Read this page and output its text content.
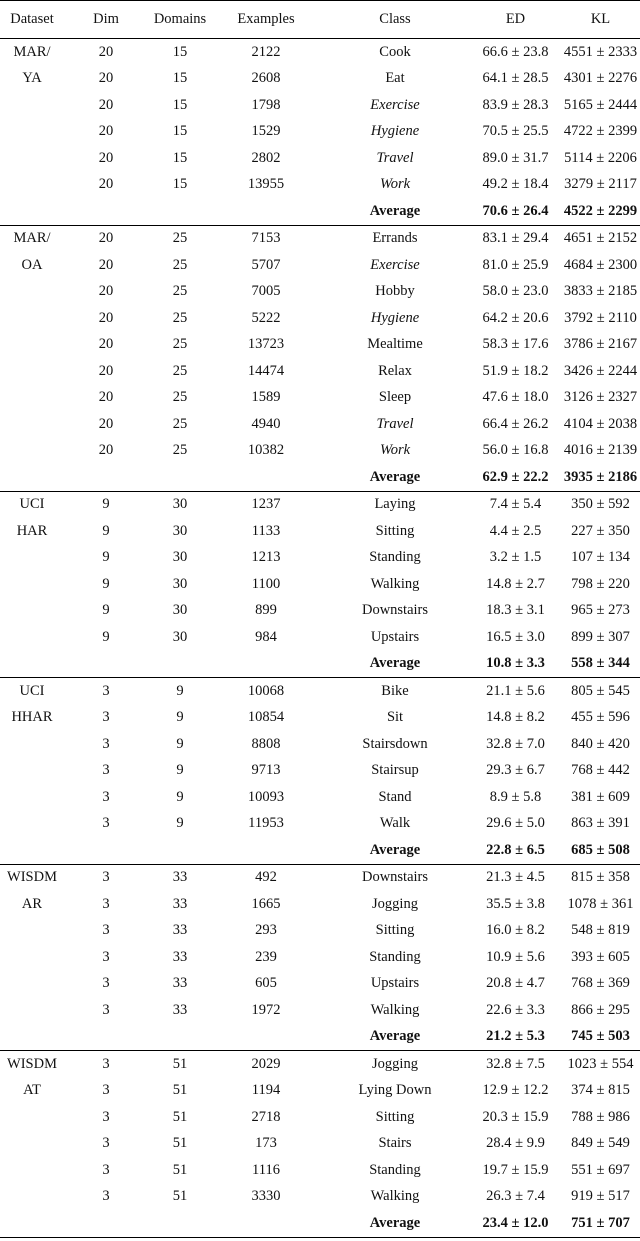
Dataset	Dim	Domains	Examples	Class	ED	KL
MAR/	20	15	2122	Cook	66.6 ± 23.8	4551 ± 2333
YA	20	15	2608	Eat	64.1 ± 28.5	4301 ± 2276
	20	15	1798	Exercise	83.9 ± 28.3	5165 ± 2444
	20	15	1529	Hygiene	70.5 ± 25.5	4722 ± 2399
	20	15	2802	Travel	89.0 ± 31.7	5114 ± 2206
	20	15	13955	Work	49.2 ± 18.4	3279 ± 2117
				Average	70.6 ± 26.4	4522 ± 2299
MAR/	20	25	7153	Errands	83.1 ± 29.4	4651 ± 2152
OA	20	25	5707	Exercise	81.0 ± 25.9	4684 ± 2300
	20	25	7005	Hobby	58.0 ± 23.0	3833 ± 2185
	20	25	5222	Hygiene	64.2 ± 20.6	3792 ± 2110
	20	25	13723	Mealtime	58.3 ± 17.6	3786 ± 2167
	20	25	14474	Relax	51.9 ± 18.2	3426 ± 2244
	20	25	1589	Sleep	47.6 ± 18.0	3126 ± 2327
	20	25	4940	Travel	66.4 ± 26.2	4104 ± 2038
	20	25	10382	Work	56.0 ± 16.8	4016 ± 2139
				Average	62.9 ± 22.2	3935 ± 2186
UCI	9	30	1237	Laying	7.4 ± 5.4	350 ± 592
HAR	9	30	1133	Sitting	4.4 ± 2.5	227 ± 350
	9	30	1213	Standing	3.2 ± 1.5	107 ± 134
	9	30	1100	Walking	14.8 ± 2.7	798 ± 220
	9	30	899	Downstairs	18.3 ± 3.1	965 ± 273
	9	30	984	Upstairs	16.5 ± 3.0	899 ± 307
				Average	10.8 ± 3.3	558 ± 344
UCI	3	9	10068	Bike	21.1 ± 5.6	805 ± 545
HHAR	3	9	10854	Sit	14.8 ± 8.2	455 ± 596
	3	9	8808	Stairsdown	32.8 ± 7.0	840 ± 420
	3	9	9713	Stairsup	29.3 ± 6.7	768 ± 442
	3	9	10093	Stand	8.9 ± 5.8	381 ± 609
	3	9	11953	Walk	29.6 ± 5.0	863 ± 391
				Average	22.8 ± 6.5	685 ± 508
WISDM	3	33	492	Downstairs	21.3 ± 4.5	815 ± 358
AR	3	33	1665	Jogging	35.5 ± 3.8	1078 ± 361
	3	33	293	Sitting	16.0 ± 8.2	548 ± 819
	3	33	239	Standing	10.9 ± 5.6	393 ± 605
	3	33	605	Upstairs	20.8 ± 4.7	768 ± 369
	3	33	1972	Walking	22.6 ± 3.3	866 ± 295
				Average	21.2 ± 5.3	745 ± 503
WISDM	3	51	2029	Jogging	32.8 ± 7.5	1023 ± 554
AT	3	51	1194	Lying Down	12.9 ± 12.2	374 ± 815
	3	51	2718	Sitting	20.3 ± 15.9	788 ± 986
	3	51	173	Stairs	28.4 ± 9.9	849 ± 549
	3	51	1116	Standing	19.7 ± 15.9	551 ± 697
	3	51	3330	Walking	26.3 ± 7.4	919 ± 517
				Average	23.4 ± 12.0	751 ± 707
